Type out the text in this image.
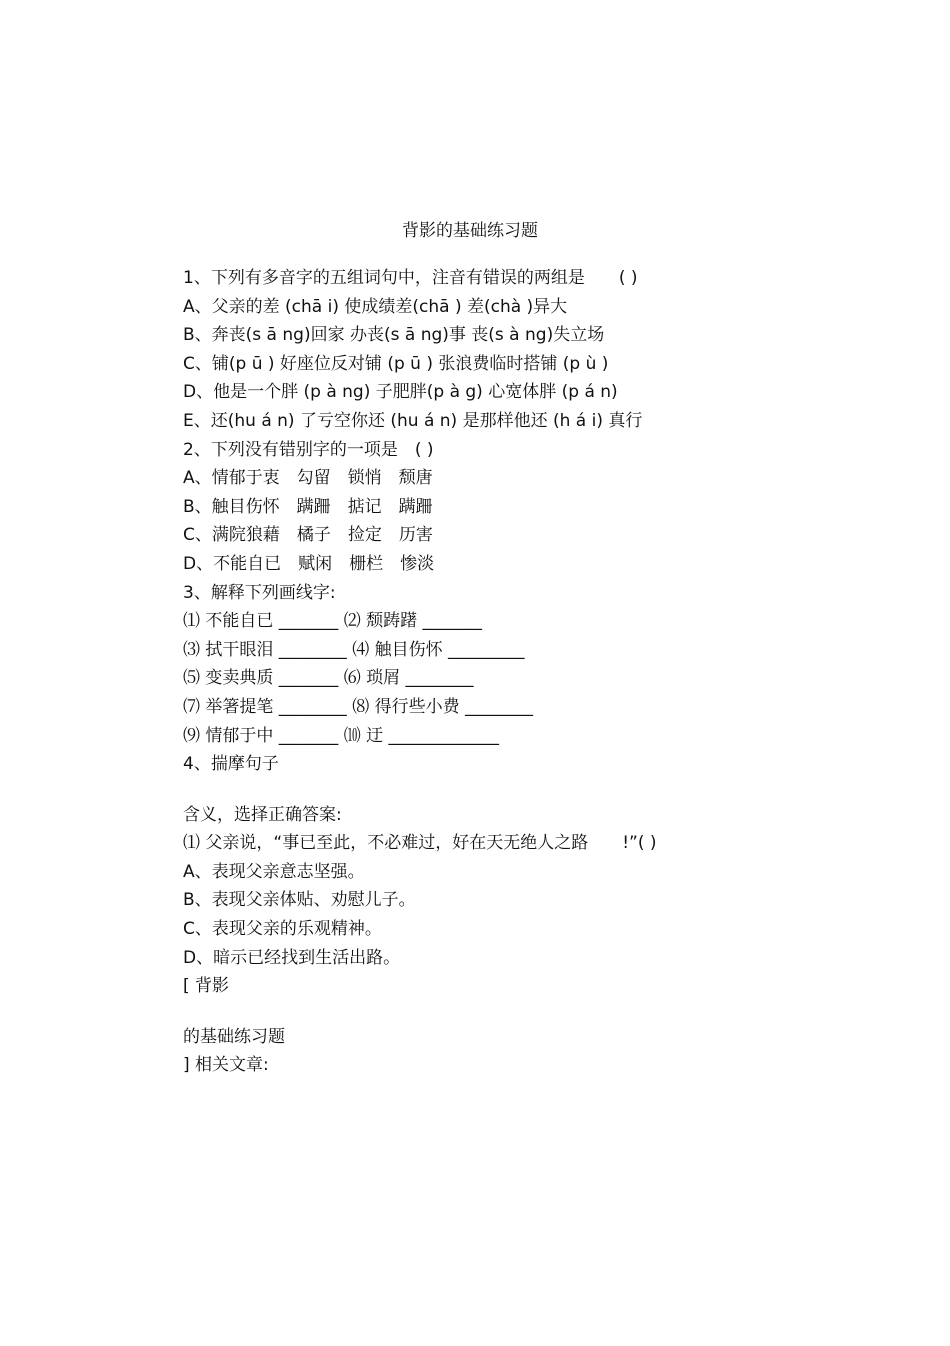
背影的基础练习题
1、下列有多音字的五组词句中，注音有错误的两组是　　( )
A、父亲的差 (chā i) 使成绩差(chā ) 差(chà )异大
B、奔丧(s ā ng)回家 办丧(s ā ng)事 丧(s à ng)失立场
C、铺(p ū ) 好座位反对铺 (p ū ) 张浪费临时搭铺 (p ù )
D、他是一个胖 (p à ng) 子肥胖(p à g) 心宽体胖 (p á n)
E、还(hu á n) 了亏空你还 (hu á n) 是那样他还 (h á i) 真行
2、下列没有错别字的一项是　( )
A、情郁于衷　勾留　锁悄　颓唐
B、触目伤怀　蹒跚　掂记　蹒跚
C、满院狼藉　橘子　捡定　历害
D、不能自已　赋闲　栅栏　惨淡
3、解释下列画线字:
⑴ 不能自已 _______ ⑵ 颓踌躇 _______
⑶ 拭干眼泪 ________ ⑷ 触目伤怀 _________
⑸ 变卖典质 _______ ⑹ 琐屑 ________
⑺ 举箸提笔 ________ ⑻ 得行些小费 ________
⑼ 情郁于中 _______ ⑽ 迂 _____________
4、揣摩句子
含义，选择正确答案:
⑴ 父亲说，“事已至此，不必难过，好在天无绝人之路　　!”( )
A、表现父亲意志坚强。
B、表现父亲体贴、劝慰儿子。
C、表现父亲的乐观精神。
D、暗示已经找到生活出路。
[ 背影
的基础练习题
] 相关文章:
